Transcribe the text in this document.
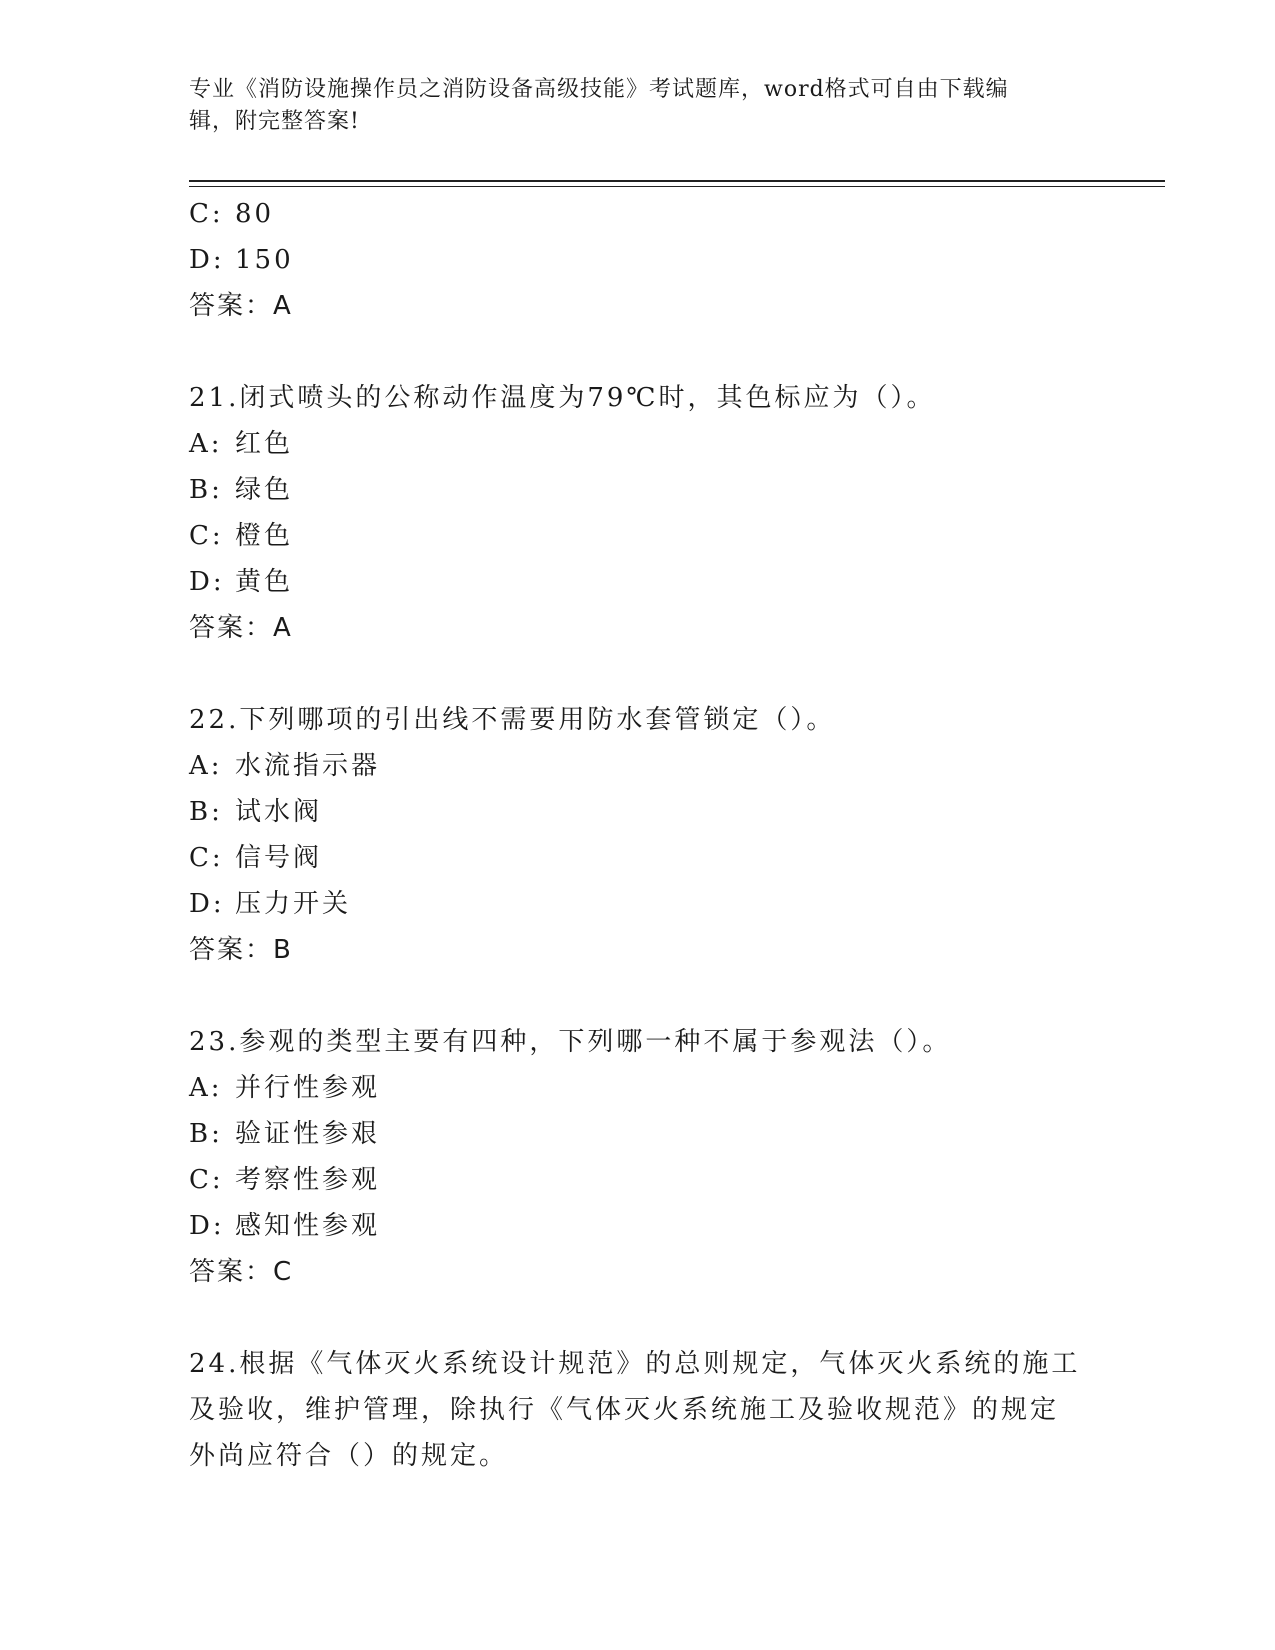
专业《消防设施操作员之消防设备高级技能》考试题库，word格式可自由下载编
辑，附完整答案!
C: 80
D: 150
答案：A
21.闭式喷头的公称动作温度为79℃时，其色标应为（）。
A: 红色
B: 绿色
C: 橙色
D: 黄色
答案：A
22.下列哪项的引出线不需要用防水套管锁定（）。
A: 水流指示器
B: 试水阀
C: 信号阀
D: 压力开关
答案：B
23.参观的类型主要有四种，下列哪一种不属于参观法（）。
A: 并行性参观
B: 验证性参艰
C: 考察性参观
D: 感知性参观
答案：C
24.根据《气体灭火系统设计规范》的总则规定，气体灭火系统的施工
及验收，维护管理，除执行《气体灭火系统施工及验收规范》的规定
外尚应符合（）的规定。
